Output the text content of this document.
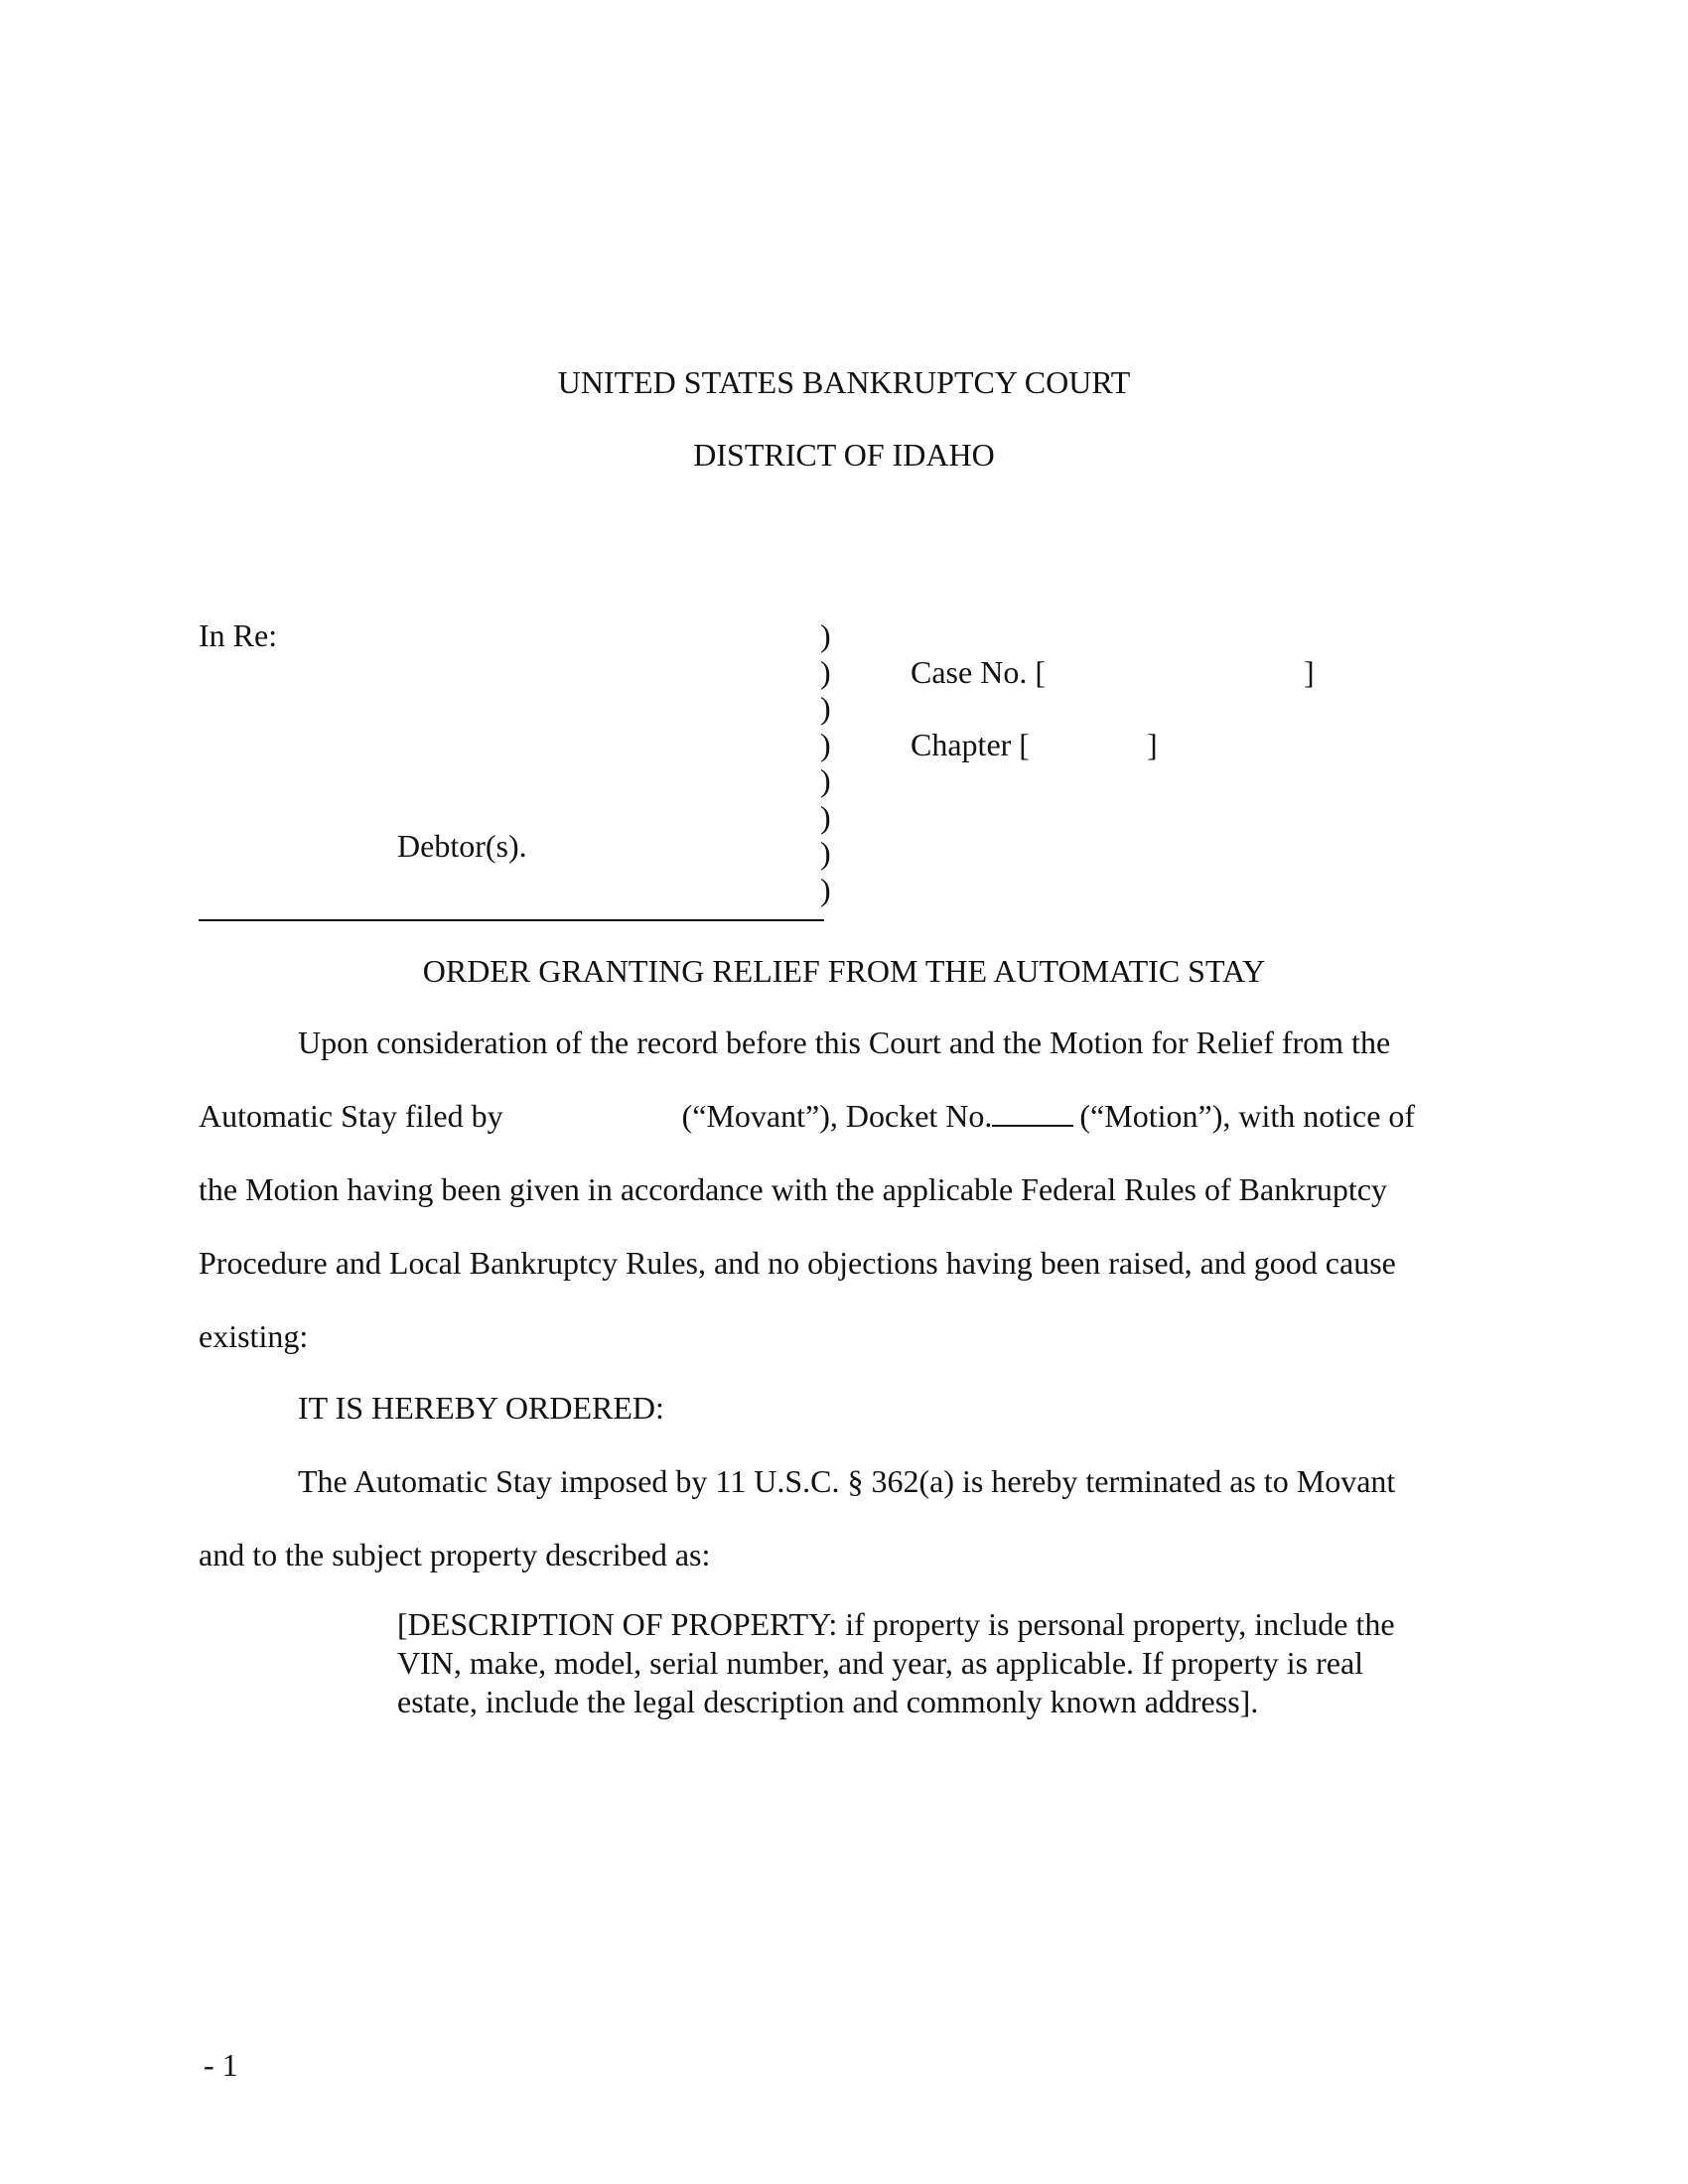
UNITED STATES BANKRUPTCY COURT
DISTRICT OF IDAHO
In Re:
Debtor(s).
)
)
)
)
)
)
)
)
Case No. [	]
Chapter [	]
ORDER GRANTING RELIEF FROM THE AUTOMATIC STAY
Upon consideration of the record before this Court and the Motion for Relief from the
Automatic Stay filed by	(“Movant”), Docket No.	(“Motion”), with notice of
the Motion having been given in accordance with the applicable Federal Rules of Bankruptcy
Procedure and Local Bankruptcy Rules, and no objections having been raised, and good cause
existing:
IT IS HEREBY ORDERED:
The Automatic Stay imposed by 11 U.S.C. § 362(a) is hereby terminated as to Movant
and to the subject property described as:
[DESCRIPTION OF PROPERTY: if property is personal property, include the VIN, make, model, serial number, and year, as applicable. If property is real estate, include the legal description and commonly known address].
- 1
